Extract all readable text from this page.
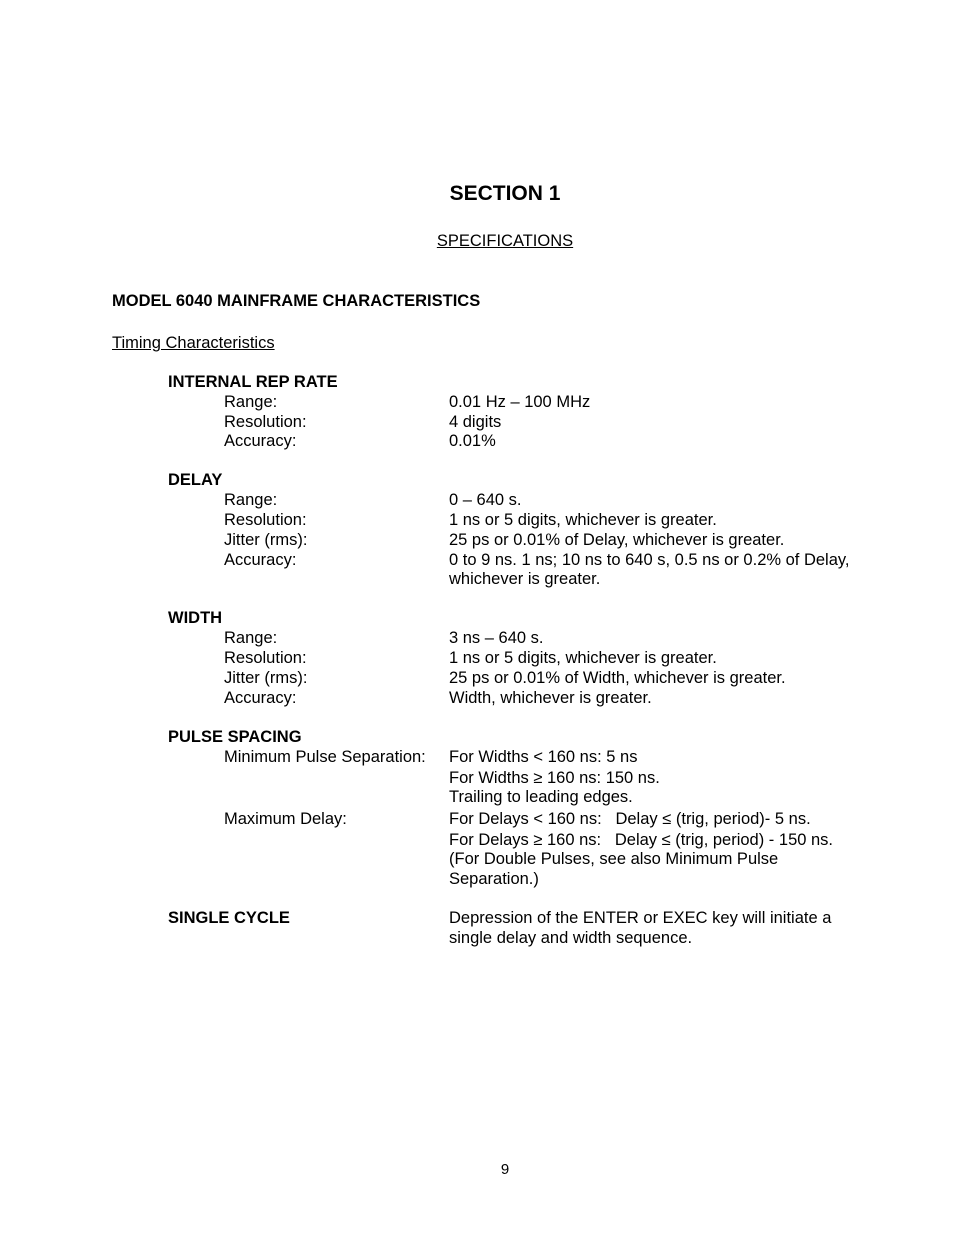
SECTION 1
SPECIFICATIONS
MODEL 6040 MAINFRAME CHARACTERISTICS
Timing Characteristics
INTERNAL REP RATE
Range:	0.01 Hz – 100 MHz
Resolution:	4 digits
Accuracy:	0.01%
DELAY
Range:	0 – 640 s.
Resolution:	1 ns or 5 digits, whichever is greater.
Jitter (rms):	25 ps or 0.01% of Delay, whichever is greater.
Accuracy:	0 to 9 ns. 1 ns; 10 ns to 640 s, 0.5 ns or 0.2% of Delay,
whichever is greater.
WIDTH
Range:	3 ns – 640 s.
Resolution:	1 ns or 5 digits, whichever is greater.
Jitter (rms):	25 ps or 0.01% of Width, whichever is greater.
Accuracy:	Width, whichever is greater.
PULSE SPACING
Minimum Pulse Separation: For Widths < 160 ns: 5 ns
For Widths ≥ 160 ns: 150 ns.
Trailing to leading edges.
Maximum Delay:	For Delays < 160 ns:   Delay ≤ (trig, period)- 5 ns.
For Delays ≥ 160 ns:   Delay ≤ (trig, period) - 150 ns.
(For Double Pulses, see also Minimum Pulse
Separation.)
SINGLE CYCLE	Depression of the ENTER or EXEC key will initiate a
single delay and width sequence.
9
